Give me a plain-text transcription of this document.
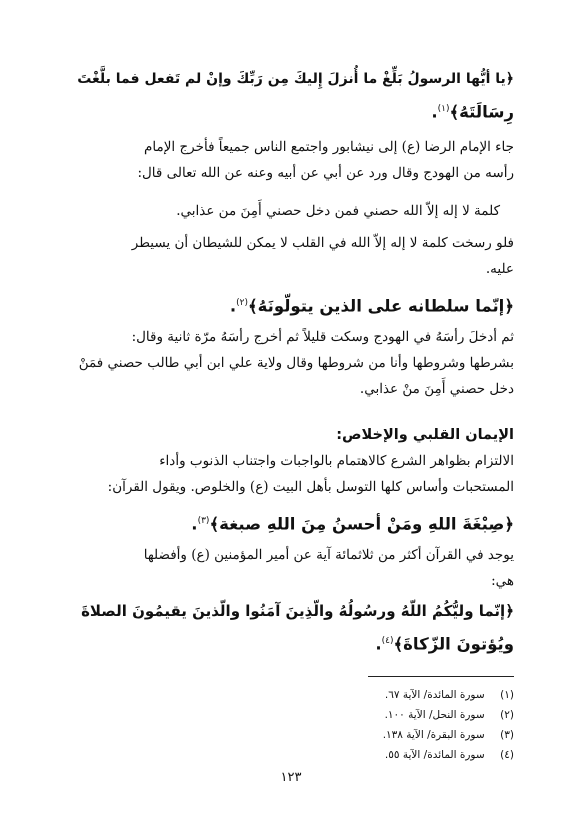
﴿يا أيُّها الرسولُ بَلِّغْ ما أُنزلَ إِليكَ مِن رَبِّكَ وإنْ لم تَفعل فما بلَّغْتَ
رِسَالَتَهُ﴾$^{(١)}$.
جاء الإمام الرضا (ع) إلى نيشابور واجتمع الناس جميعاً فأخرج الإمام
رأسه من الهودج وقال ورد عن أبي عن أبيه وعنه عن الله تعالى قال:
كلمة لا إله إلاّ الله حصني فمن دخل حصني أَمِنَ من عذابي.
فلو رسخت كلمة لا إله إلاّ الله في القلب لا يمكن للشيطان أن يسيطر
عليه.
﴿إنّما سلطانه على الذين يتولّونَهُ﴾$^{(٢)}$.
ثم أدخلَ رأسَهُ في الهودج وسكت قليلاً ثم أخرج رأسَهُ مرّة ثانية وقال:
بشرطها وشروطها وأنا من شروطها وقال ولاية علي ابن أبي طالب حصني فمَنْ
دخل حصني أَمِنَ منْ عذابي.
الإيمان القلبي والإخلاص:
الالتزام بظواهر الشرع كالاهتمام بالواجبات واجتناب الذنوب وأداء
المستحبات وأساس كلها التوسل بأهل البيت (ع) والخلوص. ويقول القرآن:
﴿صِبْغَةَ اللهِ ومَنْ أحسنُ مِنَ اللهِ صبغة﴾$^{(٣)}$.
يوجد في القرآن أكثر من ثلاثمائة آية عن أمير المؤمنين (ع) وأفضلها
هي:
﴿إنّما وليُّكُمُ اللّهُ ورسُولُهُ والّذِينَ آمَنُوا والّذينَ يقيمُونَ الصلاةَ
ويُؤتونَ الزّكاةَ﴾$^{(٤)}$.
(١) سورة المائدة/ الآية ٦٧.
(٢) سورة النحل/ الآية ١٠٠.
(٣) سورة البقرة/ الآية ١٣٨.
(٤) سورة المائدة/ الآية ٥٥.
١٢٣
